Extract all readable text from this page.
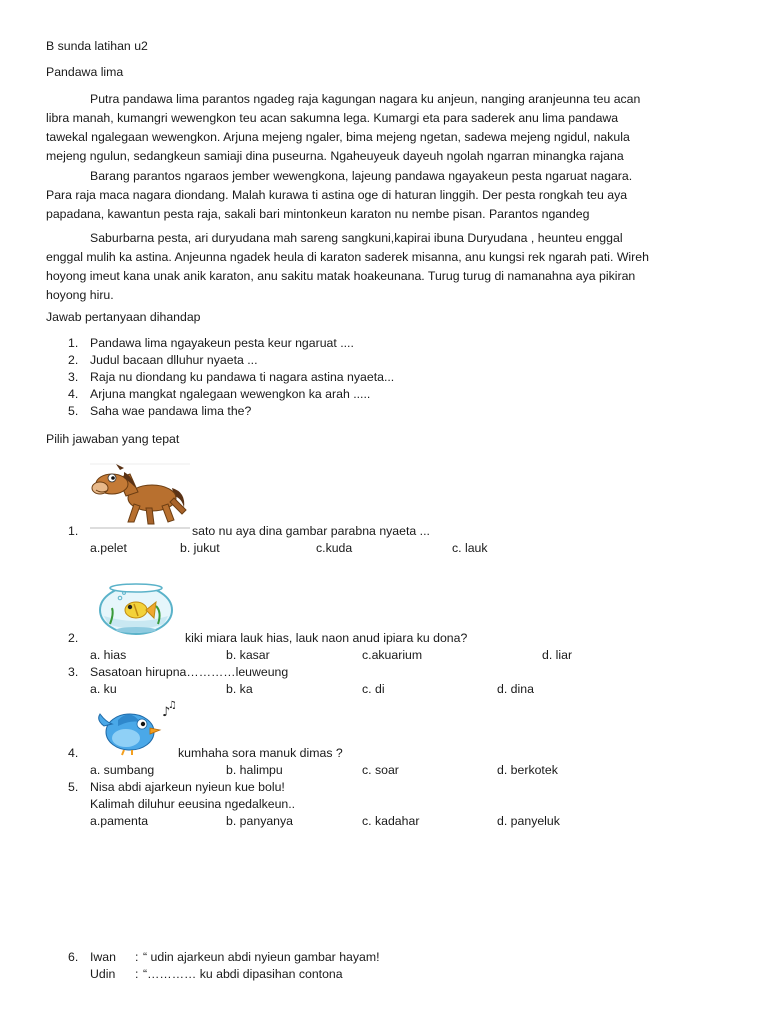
B sunda latihan u2
Pandawa lima
Putra pandawa lima parantos ngadeg raja kagungan nagara ku anjeun, nanging aranjeunna teu acan
libra manah, kumangri wewengkon teu acan sakumna lega. Kumargi eta para saderek anu lima pandawa
tawekal ngalegaan wewengkon. Arjuna mejeng ngaler, bima mejeng ngetan, sadewa mejeng ngidul, nakula
mejeng ngulun, sedangkeun samiaji dina puseurna. Ngaheuyeuk dayeuh ngolah ngarran minangka rajana
Barang parantos ngaraos jember wewengkona, lajeung pandawa ngayakeun pesta ngaruat nagara.
Para raja maca nagara diondang. Malah kurawa ti astina oge di haturan linggih. Der pesta rongkah teu aya
papadana, kawantun pesta raja, sakali bari mintonkeun karaton nu nembe pisan. Parantos ngandeg
Saburbarna pesta, ari duryudana mah sareng sangkuni,kapirai ibuna Duryudana , heunteu enggal
enggal mulih ka astina. Anjeunna ngadek heula di karaton saderek misanna, anu kungsi rek ngarah pati. Wireh
hoyong imeut kana unak anik karaton, anu sakitu matak hoakeunana. Turug turug di namanahna aya pikiran
hoyong hiru.
Jawab pertanyaan dihandap
1. Pandawa lima ngayakeun pesta keur ngaruat ....
2. Judul bacaan dlluhur nyaeta ...
3. Raja nu diondang ku pandawa ti nagara astina nyaeta...
4. Arjuna mangkat ngalegaan wewengkon ka arah .....
5. Saha wae pandawa lima the?
Pilih jawaban yang tepat
1.	sato nu aya dina gambar parabna nyaeta ...
a.pelet	b. jukut	c.kuda	c. lauk
2.	kiki miara lauk hias, lauk naon anud ipiara ku dona?
a. hias	b. kasar	c.akuarium	d. liar
3. Sasatoan hirupna…………leuweung
a. ku	b. ka	c. di	d. dina
♪
♫
4.	kumhaha sora manuk dimas ?
a. sumbang	b. halimpu	c. soar	d. berkotek
5. Nisa abdi ajarkeun nyieun kue bolu!
Kalimah diluhur eeusina ngedalkeun..
a.pamenta	b. panyanya	c. kadahar	d. panyeluk
6. Iwan : “ udin ajarkeun abdi nyieun gambar hayam!
Udin : “………… ku abdi dipasihan contona
